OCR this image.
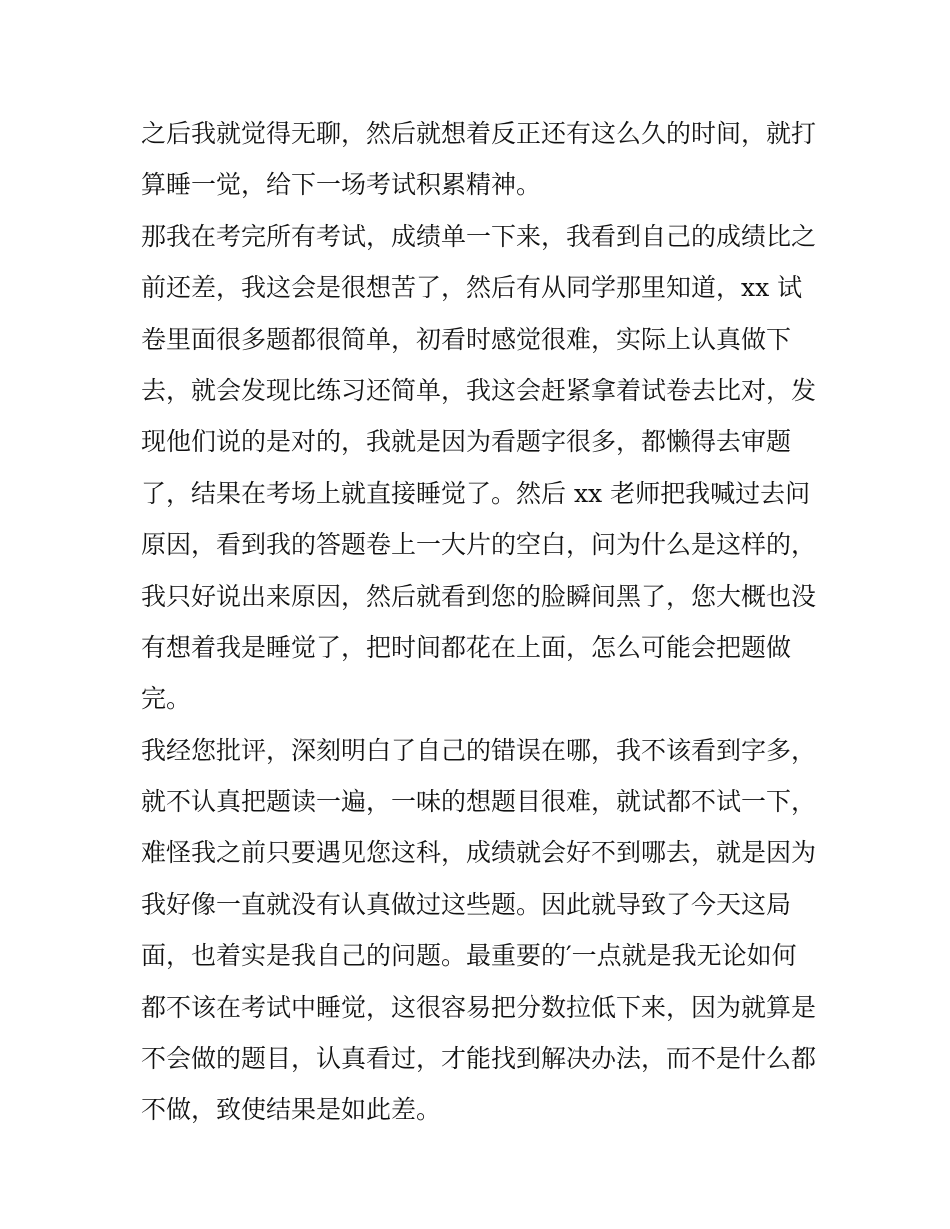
之后我就觉得无聊，然后就想着反正还有这么久的时间，就打
算睡一觉，给下一场考试积累精神。
那我在考完所有考试，成绩单一下来，我看到自己的成绩比之
前还差，我这会是很想苦了，然后有从同学那里知道，xx 试
卷里面很多题都很简单，初看时感觉很难，实际上认真做下
去，就会发现比练习还简单，我这会赶紧拿着试卷去比对，发
现他们说的是对的，我就是因为看题字很多，都懒得去审题
了，结果在考场上就直接睡觉了。然后 xx 老师把我喊过去问
原因，看到我的答题卷上一大片的空白，问为什么是这样的，
我只好说出来原因，然后就看到您的脸瞬间黑了，您大概也没
有想着我是睡觉了，把时间都花在上面，怎么可能会把题做
完。
我经您批评，深刻明白了自己的错误在哪，我不该看到字多，
就不认真把题读一遍，一味的想题目很难，就试都不试一下，
难怪我之前只要遇见您这科，成绩就会好不到哪去，就是因为
我好像一直就没有认真做过这些题。因此就导致了今天这局
面，也着实是我自己的问题。最重要的′一点就是我无论如何
都不该在考试中睡觉，这很容易把分数拉低下来，因为就算是
不会做的题目，认真看过，才能找到解决办法，而不是什么都
不做，致使结果是如此差。
